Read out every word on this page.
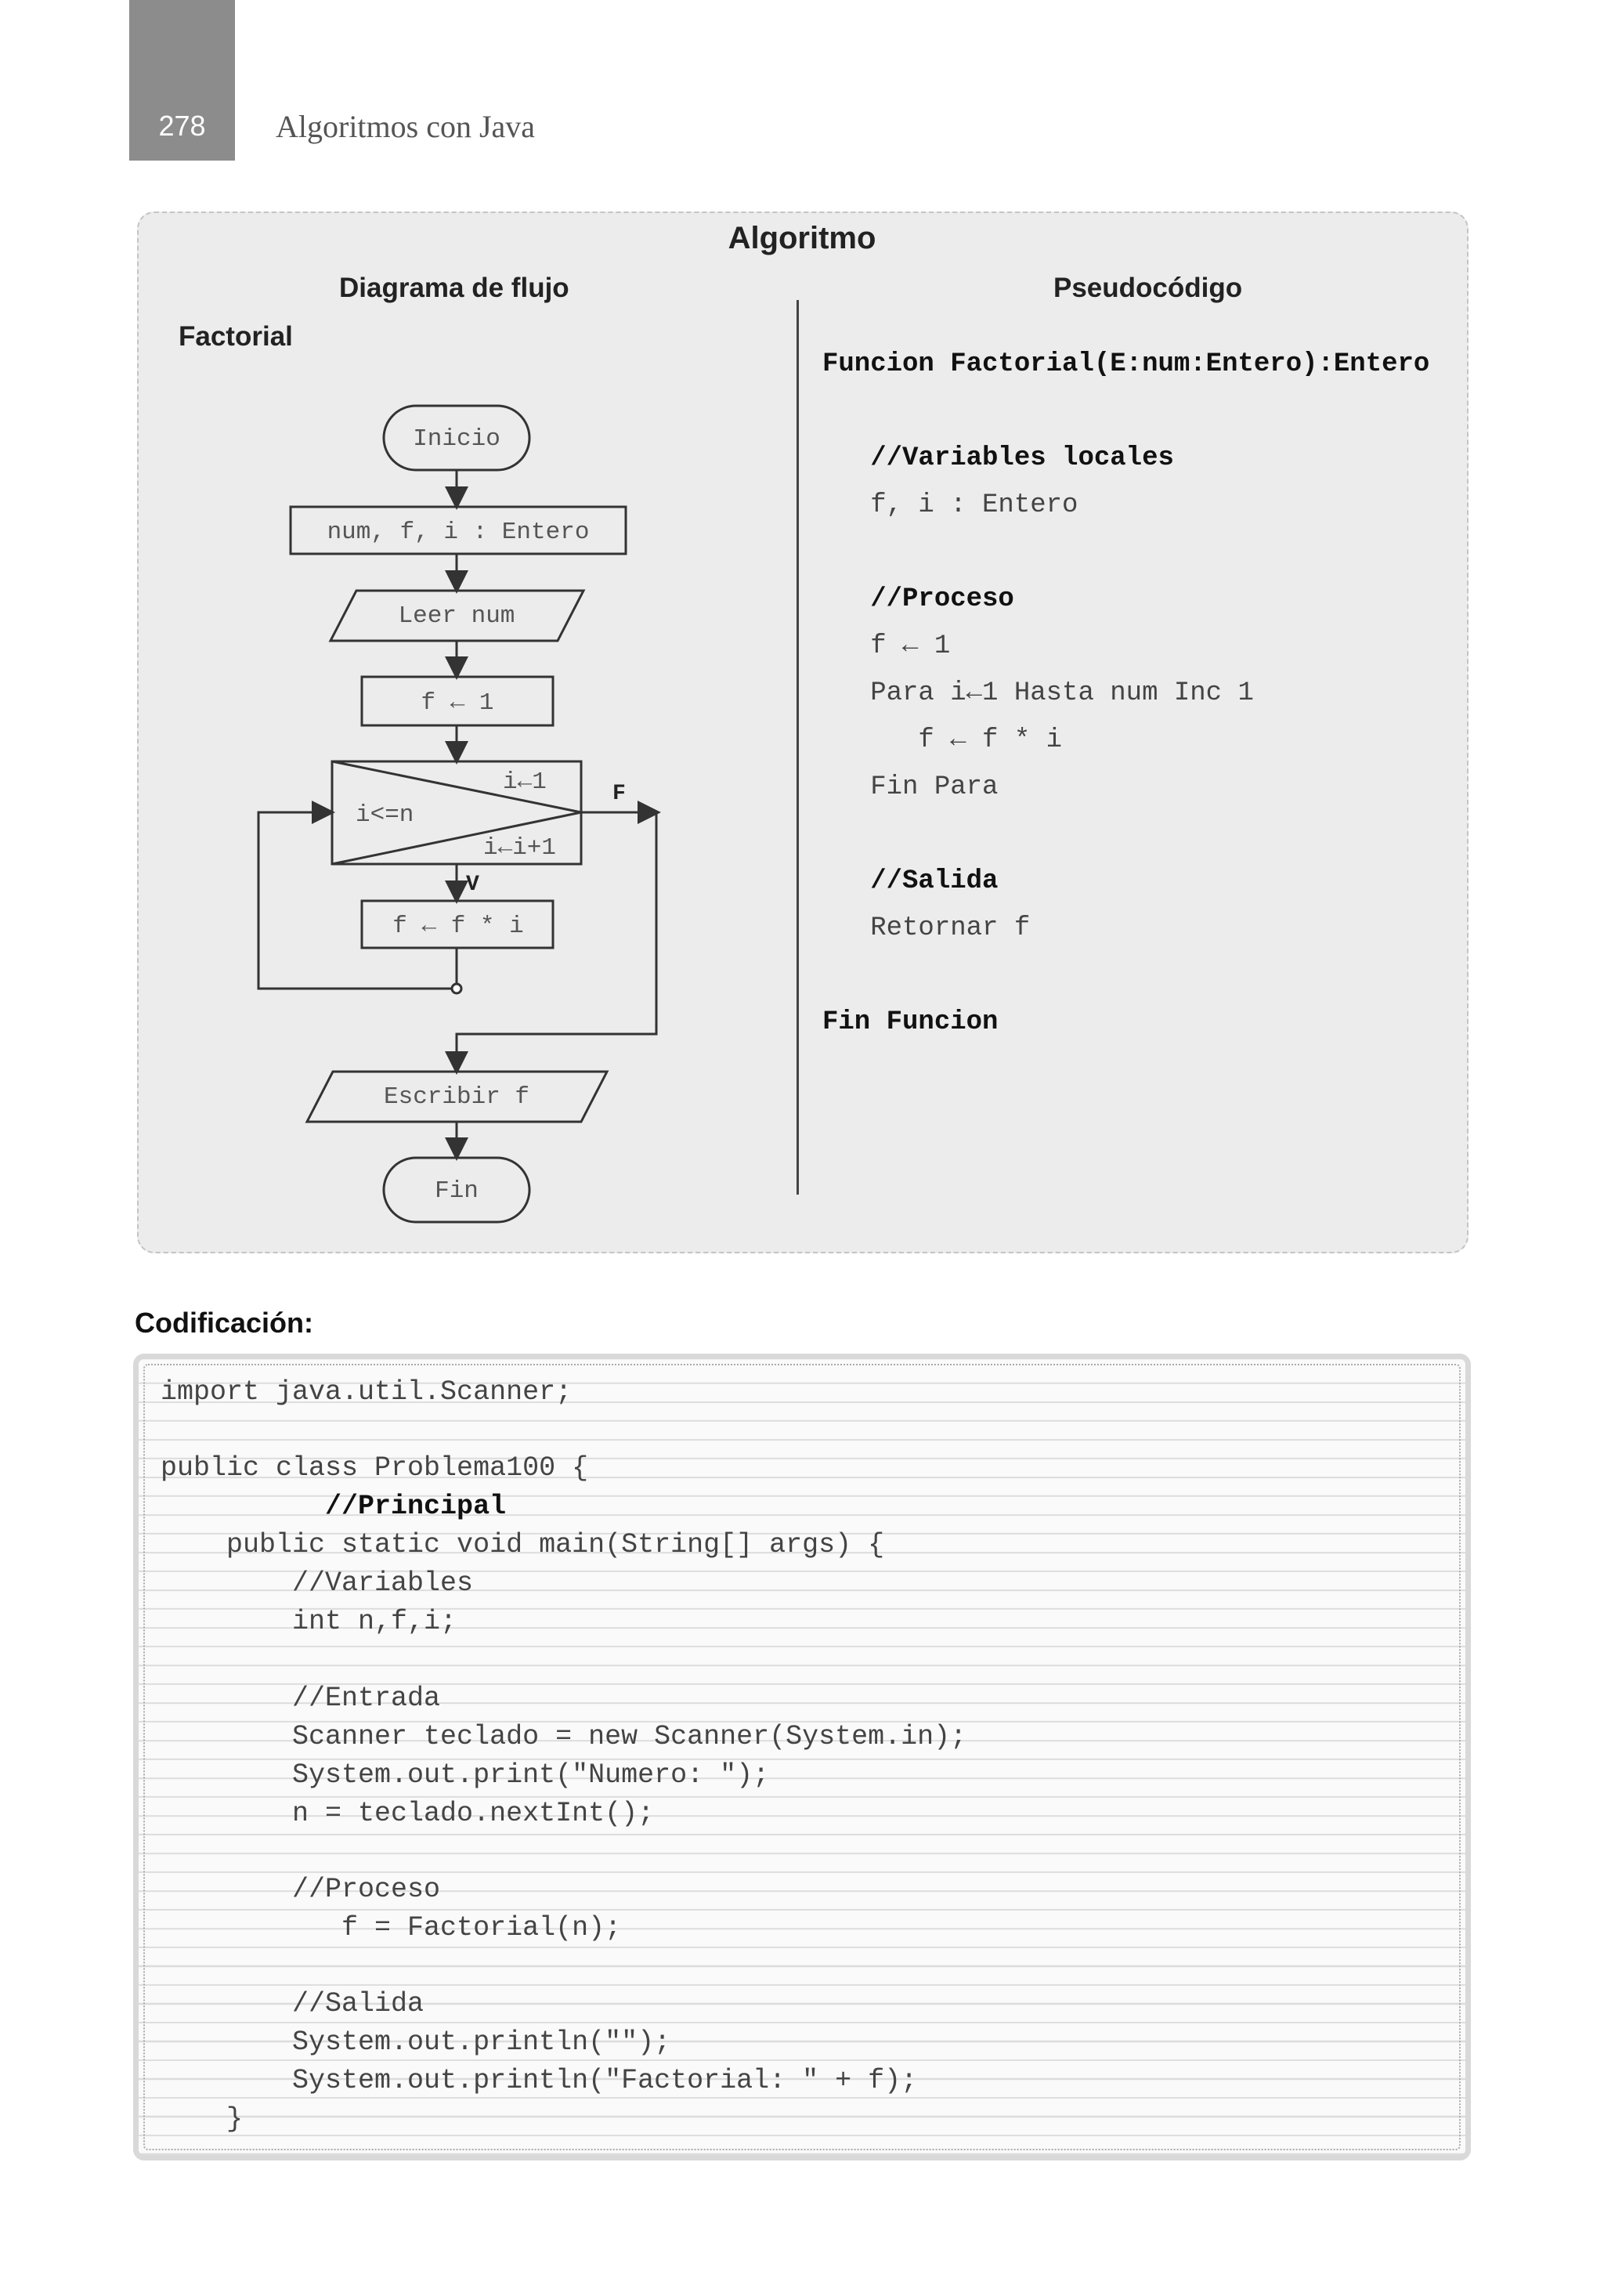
278	Algoritmos con Java
Algoritmo
Diagrama de flujo	Pseudocódigo
Factorial
Inicio
num, f, i : Entero
Leer num
f ← 1
i←1
i<=n
i←i+1
F
V
f ← f * i
Escribir f
Fin
Funcion Factorial(E:num:Entero):Entero
//Variables locales
f, i : Entero
//Proceso
f ← 1
Para i←1 Hasta num Inc 1
f ← f * i
Fin Para
//Salida
Retornar f
Fin Funcion
Codificación:
import java.util.Scanner;
public class Problema100 {
//Principal
public static void main(String[] args) {
//Variables
int n,f,i;
//Entrada
Scanner teclado = new Scanner(System.in);
System.out.print("Numero: ");
n = teclado.nextInt();
//Proceso
f = Factorial(n);
//Salida
System.out.println("");
System.out.println("Factorial: " + f);
}
